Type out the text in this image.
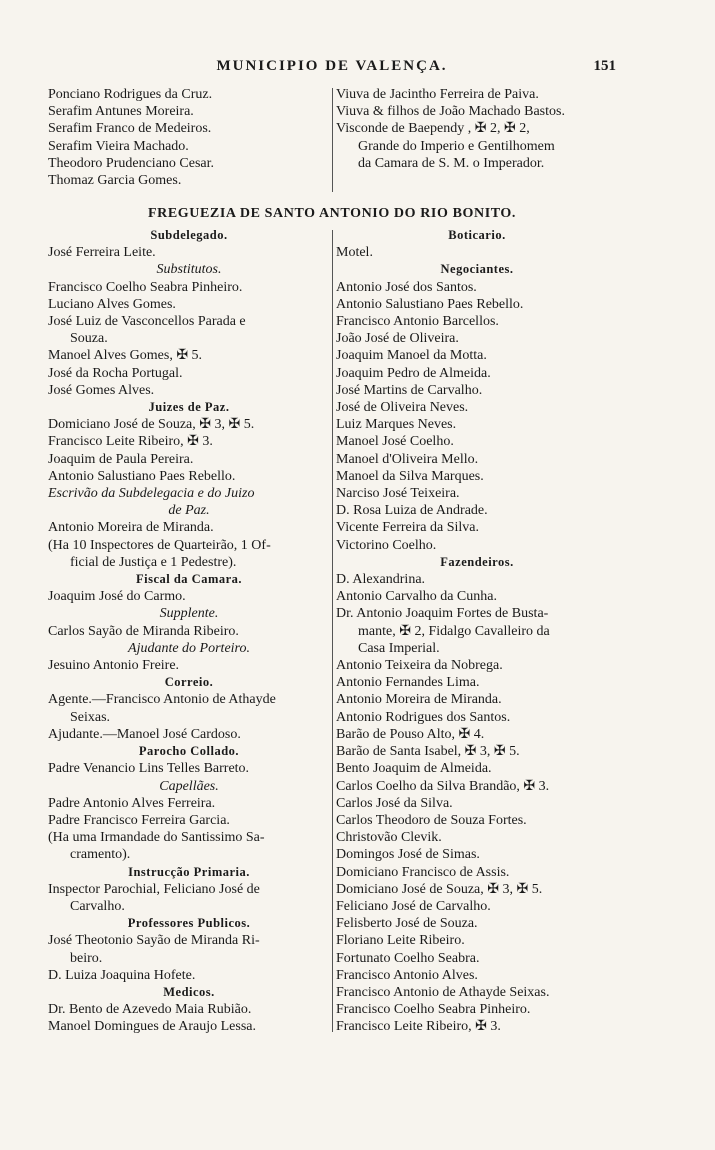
MUNICIPIO DE VALENÇA.	151
Ponciano Rodrigues da Cruz.
Serafim Antunes Moreira.
Serafim Franco de Medeiros.
Serafim Vieira Machado.
Theodoro Prudenciano Cesar.
Thomaz Garcia Gomes.
Viuva de Jacintho Ferreira de Paiva.
Viuva & filhos de João Machado Bastos.
Visconde de Baependy , ✠ 2, ✠ 2,
Grande do Imperio e Gentilhomem
da Camara de S. M. o Imperador.
FREGUEZIA DE SANTO ANTONIO DO RIO BONITO.
Subdelegado.
José Ferreira Leite.
Substitutos.
Francisco Coelho Seabra Pinheiro.
Luciano Alves Gomes.
José Luiz de Vasconcellos Parada e
Souza.
Manoel Alves Gomes, ✠ 5.
José da Rocha Portugal.
José Gomes Alves.
Juizes de Paz.
Domiciano José de Souza, ✠ 3, ✠ 5.
Francisco Leite Ribeiro, ✠ 3.
Joaquim de Paula Pereira.
Antonio Salustiano Paes Rebello.
Escrivão da Subdelegacia e do Juizo
de Paz.
Antonio Moreira de Miranda.
(Ha 10 Inspectores de Quarteirão, 1 Of-
ficial de Justiça e 1 Pedestre).
Fiscal da Camara.
Joaquim José do Carmo.
Supplente.
Carlos Sayão de Miranda Ribeiro.
Ajudante do Porteiro.
Jesuino Antonio Freire.
Correio.
Agente.—Francisco Antonio de Athayde
Seixas.
Ajudante.—Manoel José Cardoso.
Parocho Collado.
Padre Venancio Lins Telles Barreto.
Capellães.
Padre Antonio Alves Ferreira.
Padre Francisco Ferreira Garcia.
(Ha uma Irmandade do Santissimo Sa-
cramento).
Instrucção Primaria.
Inspector Parochial, Feliciano José de
Carvalho.
Professores Publicos.
José Theotonio Sayão de Miranda Ri-
beiro.
D. Luiza Joaquina Hofete.
Medicos.
Dr. Bento de Azevedo Maia Rubião.
Manoel Domingues de Araujo Lessa.
Boticario.
Motel.
Negociantes.
Antonio José dos Santos.
Antonio Salustiano Paes Rebello.
Francisco Antonio Barcellos.
João José de Oliveira.
Joaquim Manoel da Motta.
Joaquim Pedro de Almeida.
José Martins de Carvalho.
José de Oliveira Neves.
Luiz Marques Neves.
Manoel José Coelho.
Manoel d'Oliveira Mello.
Manoel da Silva Marques.
Narciso José Teixeira.
D. Rosa Luiza de Andrade.
Vicente Ferreira da Silva.
Victorino Coelho.
Fazendeiros.
D. Alexandrina.
Antonio Carvalho da Cunha.
Dr. Antonio Joaquim Fortes de Busta-
mante, ✠ 2, Fidalgo Cavalleiro da
Casa Imperial.
Antonio Teixeira da Nobrega.
Antonio Fernandes Lima.
Antonio Moreira de Miranda.
Antonio Rodrigues dos Santos.
Barão de Pouso Alto, ✠ 4.
Barão de Santa Isabel, ✠ 3, ✠ 5.
Bento Joaquim de Almeida.
Carlos Coelho da Silva Brandão, ✠ 3.
Carlos José da Silva.
Carlos Theodoro de Souza Fortes.
Christovão Clevik.
Domingos José de Simas.
Domiciano Francisco de Assis.
Domiciano José de Souza, ✠ 3, ✠ 5.
Feliciano José de Carvalho.
Felisberto José de Souza.
Floriano Leite Ribeiro.
Fortunato Coelho Seabra.
Francisco Antonio Alves.
Francisco Antonio de Athayde Seixas.
Francisco Coelho Seabra Pinheiro.
Francisco Leite Ribeiro, ✠ 3.
